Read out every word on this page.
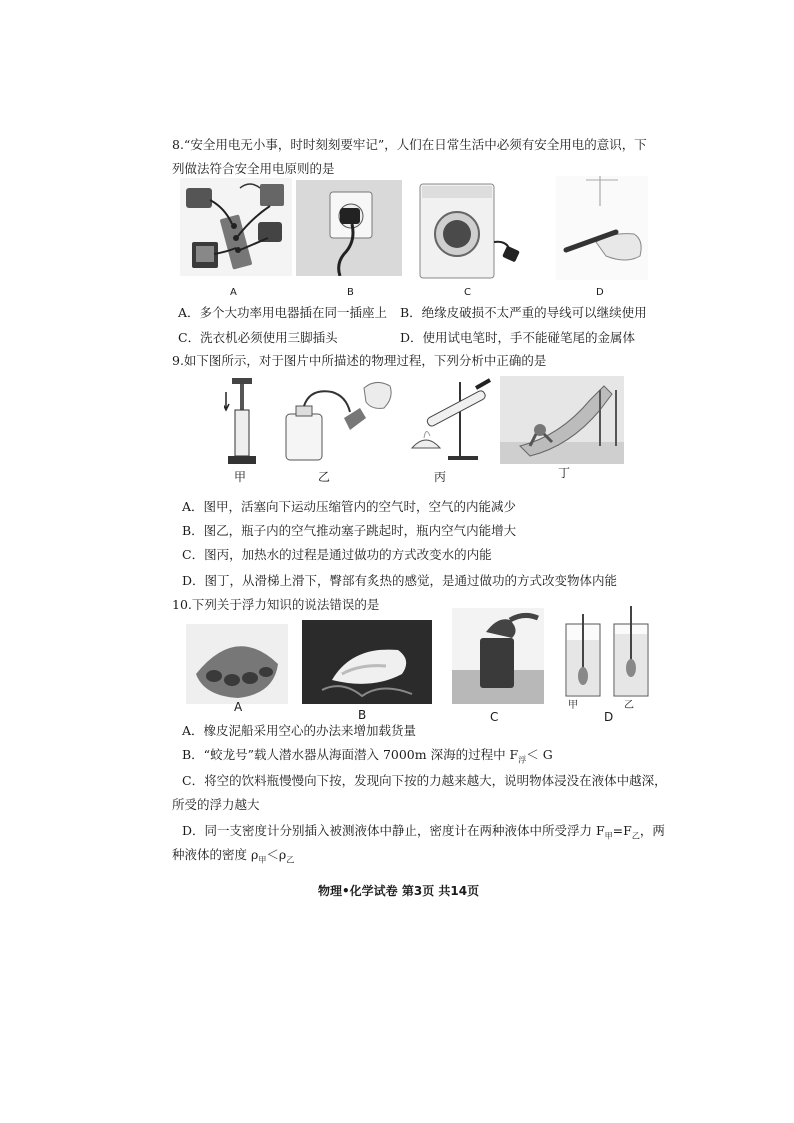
8.“安全用电无小事，时时刻刻要牢记”，人们在日常生活中必须有安全用电的意识，下
列做法符合安全用电原则的是
A	B	C	D
A．多个大功率用电器插在同一插座上 B．绝缘皮破损不太严重的导线可以继续使用
C．洗衣机必须使用三脚插头	D．使用试电笔时，手不能碰笔尾的金属体
9.如下图所示，对于图片中所描述的物理过程，下列分析中正确的是
甲	乙	丙	丁
A．图甲，活塞向下运动压缩管内的空气时，空气的内能减少
B．图乙，瓶子内的空气推动塞子跳起时，瓶内空气内能增大
C．图丙，加热水的过程是通过做功的方式改变水的内能
D．图丁，从滑梯上滑下，臀部有炙热的感觉，是通过做功的方式改变物体内能
10.下列关于浮力知识的说法错误的是
A
B	C
甲
D
乙
A．橡皮泥船采用空心的办法来增加载货量
B．“蛟龙号”载人潜水器从海面潜入 7000m 深海的过程中 $F_浮< G$
C．将空的饮料瓶慢慢向下按，发现向下按的力越来越大，说明物体浸没在液体中越深，
所受的浮力越大
D．同一支密度计分别插入被测液体中静止，密度计在两种液体中所受浮力 $F_甲=F_乙$，两
种液体的密度 $\rho_甲<\rho_乙$
物理•化学试卷 第3页 共14页
